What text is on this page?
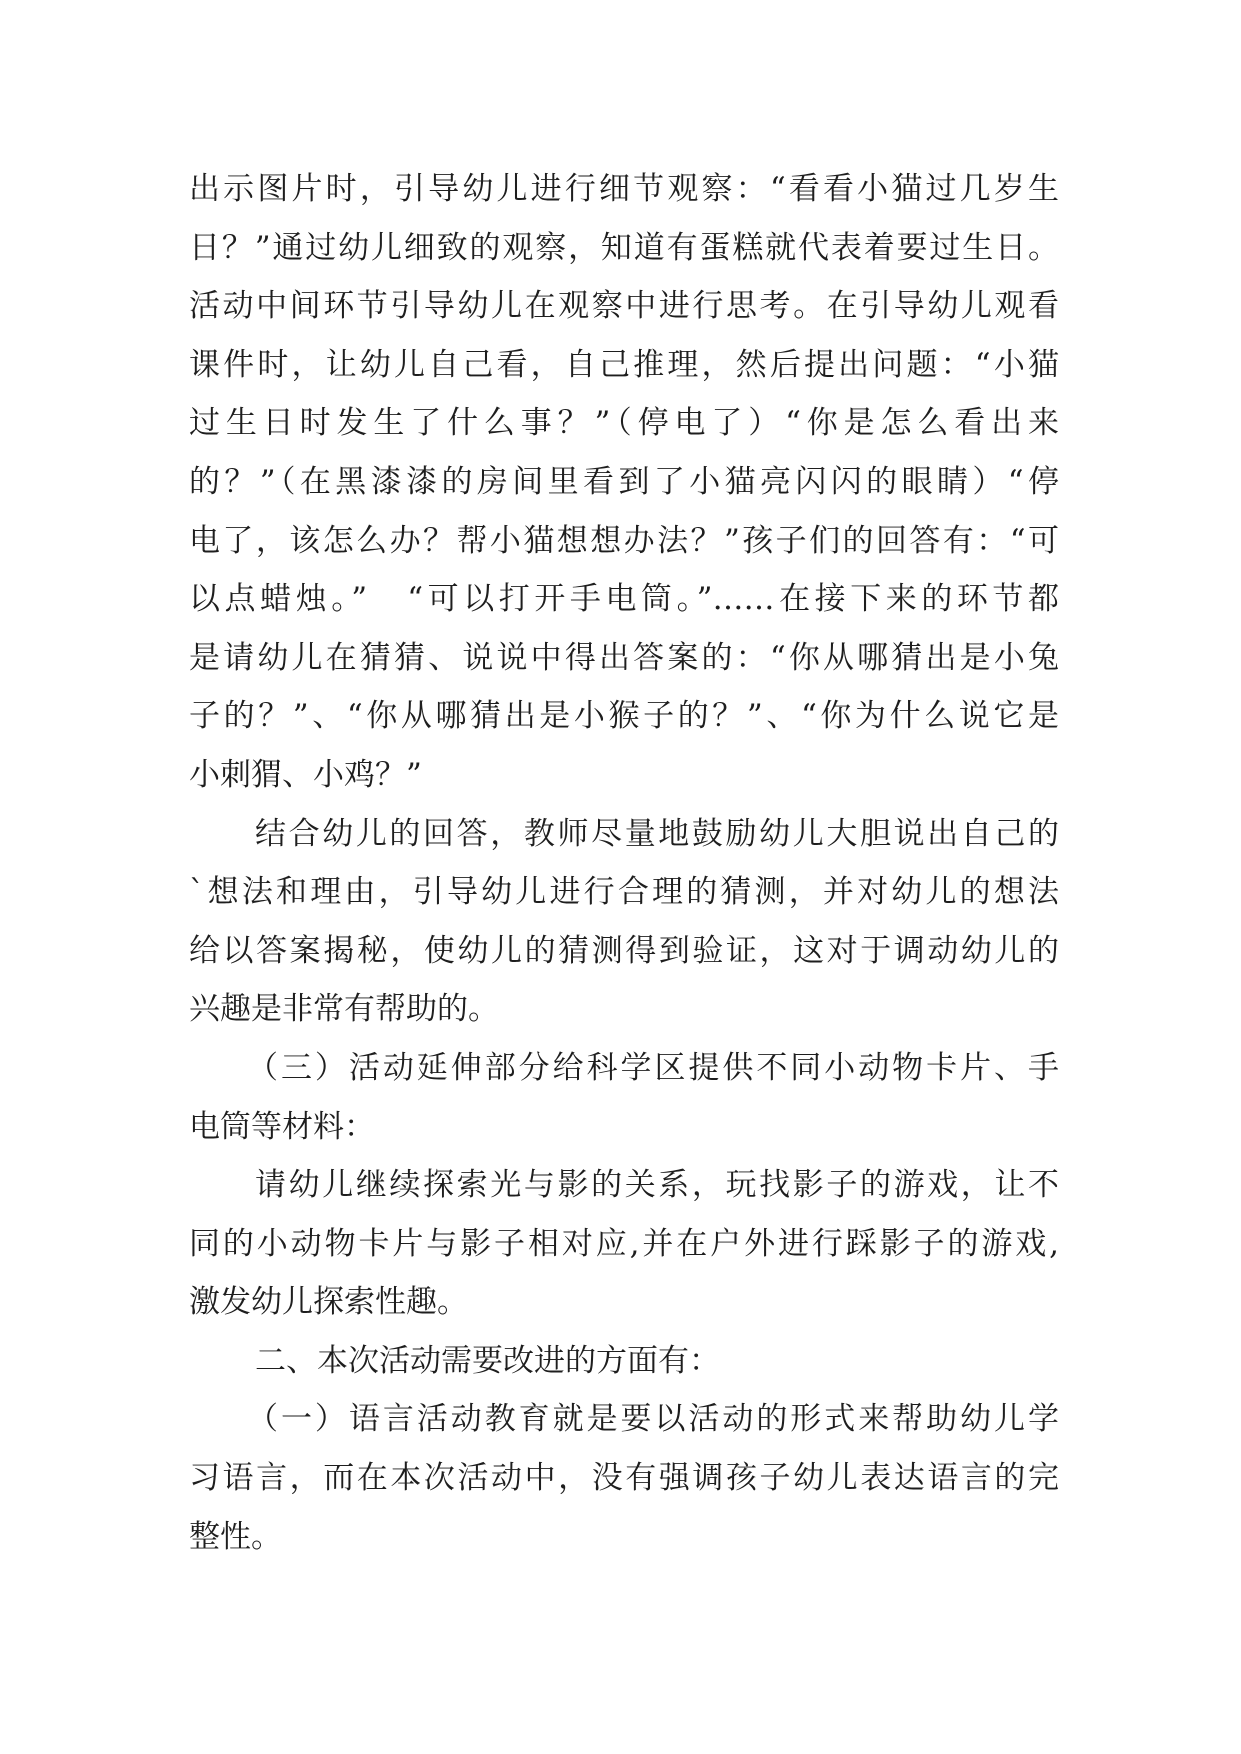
出示图片时，引导幼儿进行细节观察：“看看小猫过几岁生
日？”通过幼儿细致的观察，知道有蛋糕就代表着要过生日。
活动中间环节引导幼儿在观察中进行思考。在引导幼儿观看
课件时，让幼儿自己看，自己推理，然后提出问题：“小猫
过生日时发生了什么事？”（停电了）“你是怎么看出来
的？”（在黑漆漆的房间里看到了小猫亮闪闪的眼睛）“停
电了，该怎么办？帮小猫想想办法？”孩子们的回答有：“可
以点蜡烛。”　“可以打开手电筒。”……在接下来的环节都
是请幼儿在猜猜、说说中得出答案的：“你从哪猜出是小兔
子的？”、“你从哪猜出是小猴子的？”、“你为什么说它是
小刺猬、小鸡？”
结合幼儿的回答，教师尽量地鼓励幼儿大胆说出自己的
`想法和理由，引导幼儿进行合理的猜测，并对幼儿的想法
给以答案揭秘，使幼儿的猜测得到验证，这对于调动幼儿的
兴趣是非常有帮助的。
（三）活动延伸部分给科学区提供不同小动物卡片、手
电筒等材料：
请幼儿继续探索光与影的关系，玩找影子的游戏，让不
同的小动物卡片与影子相对应,并在户外进行踩影子的游戏,
激发幼儿探索性趣。
二、本次活动需要改进的方面有：
（一）语言活动教育就是要以活动的形式来帮助幼儿学
习语言，而在本次活动中，没有强调孩子幼儿表达语言的完
整性。
